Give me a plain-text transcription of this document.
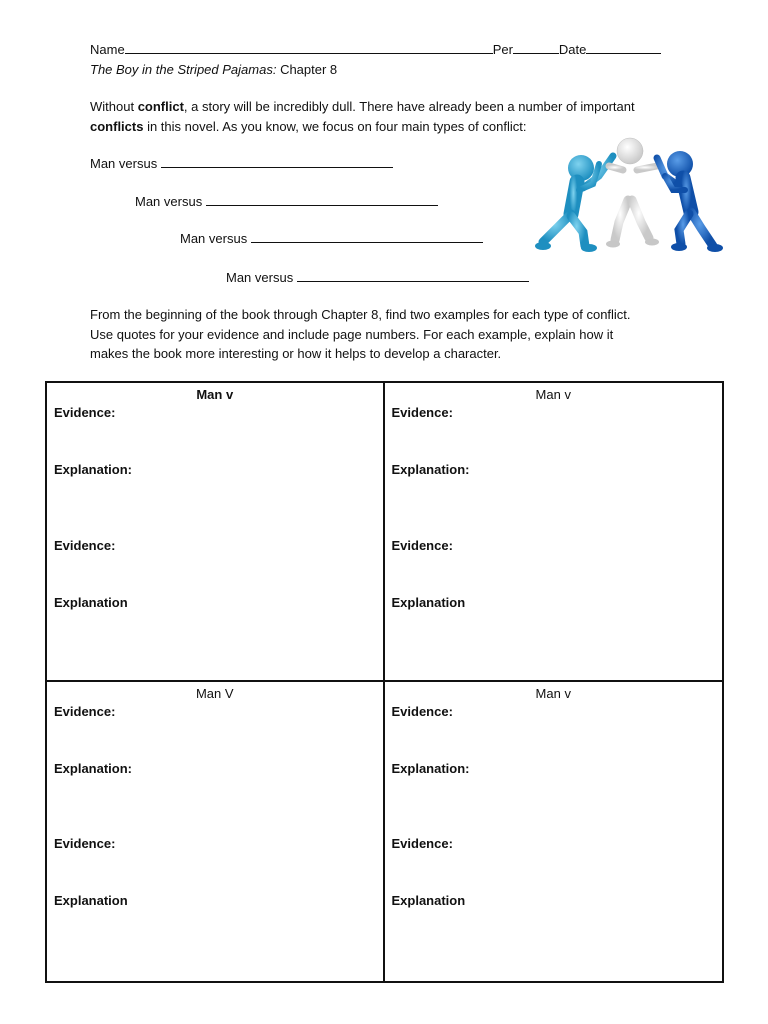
Name	Per	Date
The Boy in the Striped Pajamas: Chapter 8

Without conflict, a story will be incredibly dull. There have already been a number of important
conflicts in this novel. As you know, we focus on four main types of conflict:

Man versus
Man versus
Man versus
Man versus

From the beginning of the book through Chapter 8, find two examples for each type of conflict.
Use quotes for your evidence and include page numbers. For each example, explain how it
makes the book more interesting or how it helps to develop a character.

Man v
Evidence:
Explanation:
Evidence:
Explanation
Man v
Evidence:
Explanation:
Evidence:
Explanation
Man V
Evidence:
Explanation:
Evidence:
Explanation
Man v
Evidence:
Explanation:
Evidence:
Explanation
